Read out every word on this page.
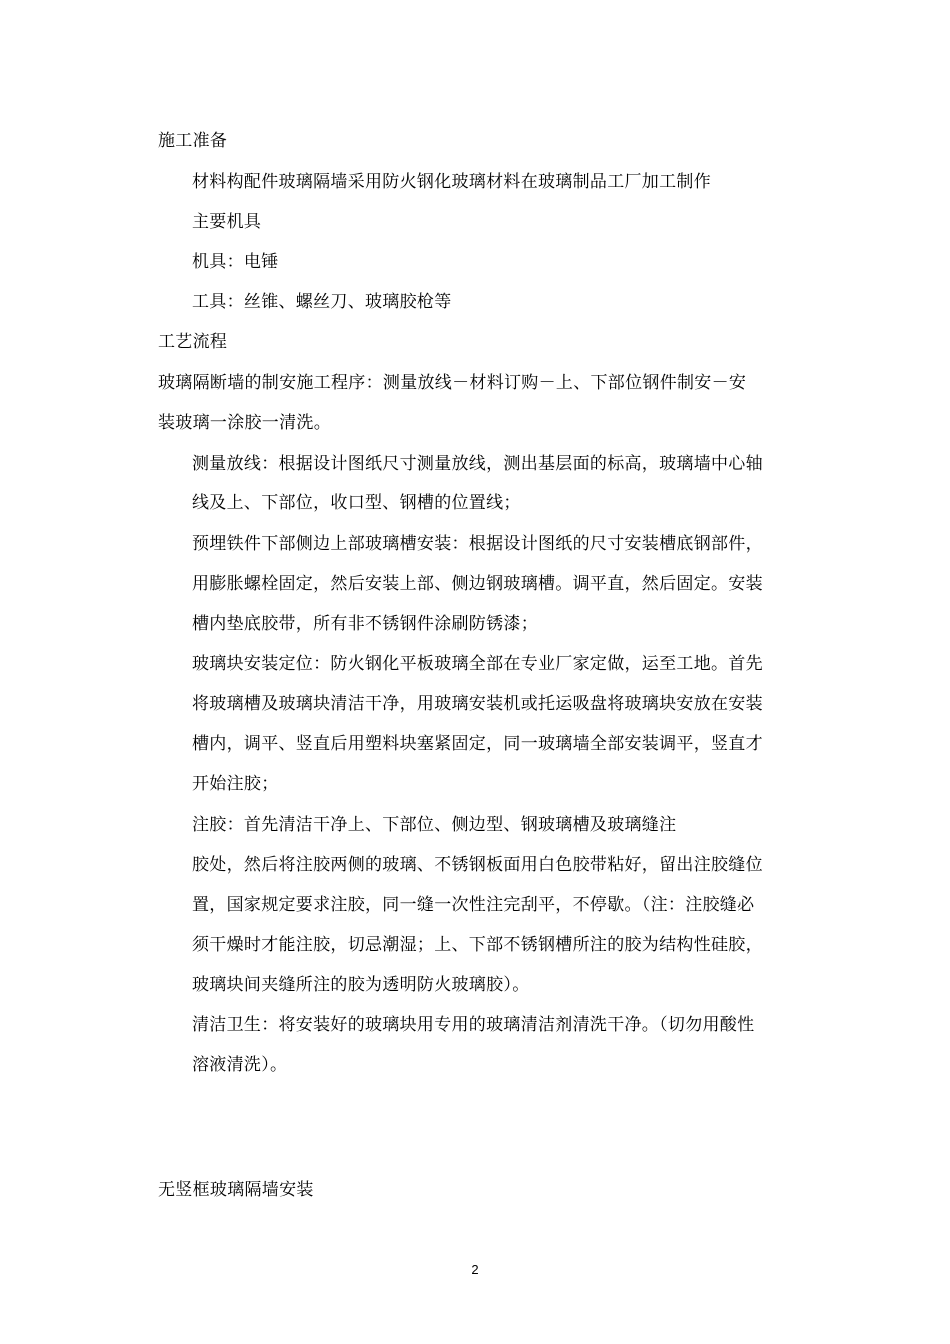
施工准备
材料构配件玻璃隔墙采用防火钢化玻璃材料在玻璃制品工厂加工制作
主要机具
机具：电锤
工具：丝锥、螺丝刀、玻璃胶枪等
工艺流程
玻璃隔断墙的制安施工程序：测量放线－材料订购－上、下部位钢件制安－安
装玻璃一涂胶一清洗。
测量放线：根据设计图纸尺寸测量放线，测出基层面的标高，玻璃墙中心轴
线及上、下部位，收口型、钢槽的位置线；
预埋铁件下部侧边上部玻璃槽安装：根据设计图纸的尺寸安装槽底钢部件，
用膨胀螺栓固定，然后安装上部、侧边钢玻璃槽。调平直，然后固定。安装
槽内垫底胶带，所有非不锈钢件涂刷防锈漆；
玻璃块安装定位：防火钢化平板玻璃全部在专业厂家定做，运至工地。首先
将玻璃槽及玻璃块清洁干净，用玻璃安装机或托运吸盘将玻璃块安放在安装
槽内，调平、竖直后用塑料块塞紧固定，同一玻璃墙全部安装调平，竖直才
开始注胶；
注胶：首先清洁干净上、下部位、侧边型、钢玻璃槽及玻璃缝注
胶处，然后将注胶两侧的玻璃、不锈钢板面用白色胶带粘好，留出注胶缝位
置，国家规定要求注胶，同一缝一次性注完刮平，不停歇。（注：注胶缝必
须干燥时才能注胶，切忌潮湿；上、下部不锈钢槽所注的胶为结构性硅胶，
玻璃块间夹缝所注的胶为透明防火玻璃胶）。
清洁卫生：将安装好的玻璃块用专用的玻璃清洁剂清洗干净。（切勿用酸性
溶液清洗）。
无竖框玻璃隔墙安装
2
